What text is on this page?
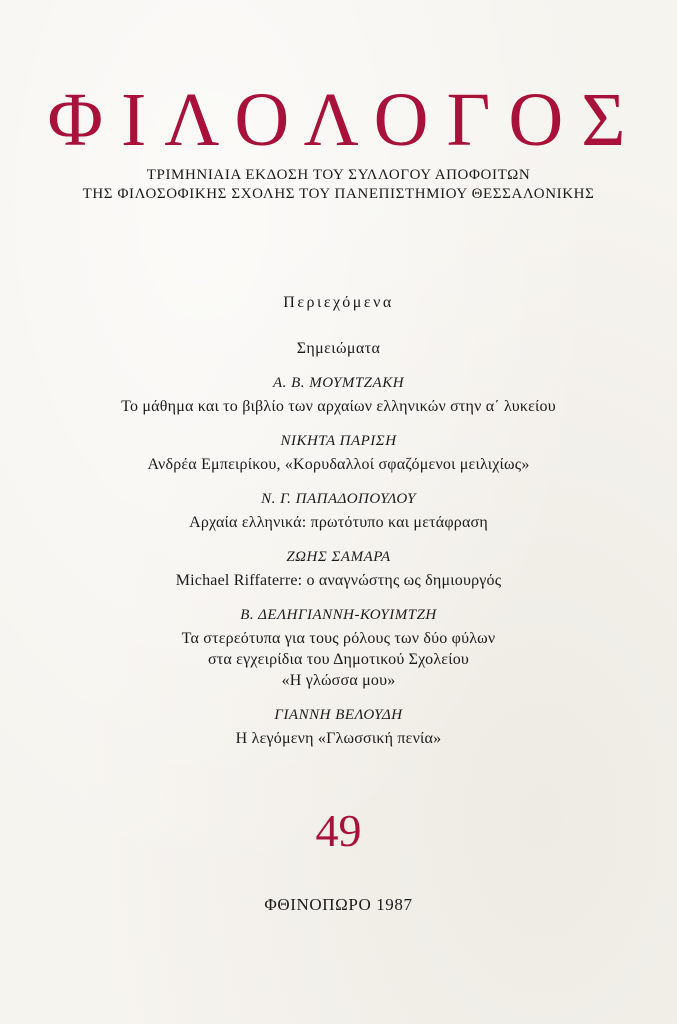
ΦΙΛΟΛΟΓΟΣ

ΤΡΙΜΗΝΙΑΙΑ ΕΚΔΟΣΗ ΤΟΥ ΣΥΛΛΟΓΟΥ ΑΠΟΦΟΙΤΩΝ

ΤΗΣ ΦΙΛΟΣΟΦΙΚΗΣ ΣΧΟΛΗΣ ΤΟΥ ΠΑΝΕΠΙΣΤΗΜΙΟΥ ΘΕΣΣΑΛΟΝΙΚΗΣ

Περιεχόμενα

Σημειώματα

Α. Β. ΜΟΥΜΤΖΑΚΗ

Το μάθημα και το βιβλίο των αρχαίων ελληνικών στην α΄ λυκείου

ΝΙΚΗΤΑ ΠΑΡΙΣΗ

Ανδρέα Εμπειρίκου, «Κορυδαλλοί σφαζόμενοι μειλιχίως»

Ν. Γ. ΠΑΠΑΔΟΠΟΥΛΟΥ

Αρχαία ελληνικά: πρωτότυπο και μετάφραση

ΖΩΗΣ ΣΑΜΑΡΑ

Michael Riffaterre: ο αναγνώστης ως δημιουργός

Β. ΔΕΛΗΓΙΑΝΝΗ-ΚΟΥΙΜΤΖΗ

Τα στερεότυπα για τους ρόλους των δύο φύλων

στα εγχειρίδια του Δημοτικού Σχολείου

«Η γλώσσα μου»

ΓΙΑΝΝΗ ΒΕΛΟΥΔΗ

Η λεγόμενη «Γλωσσική πενία»

49

ΦΘΙΝΟΠΩΡΟ 1987
